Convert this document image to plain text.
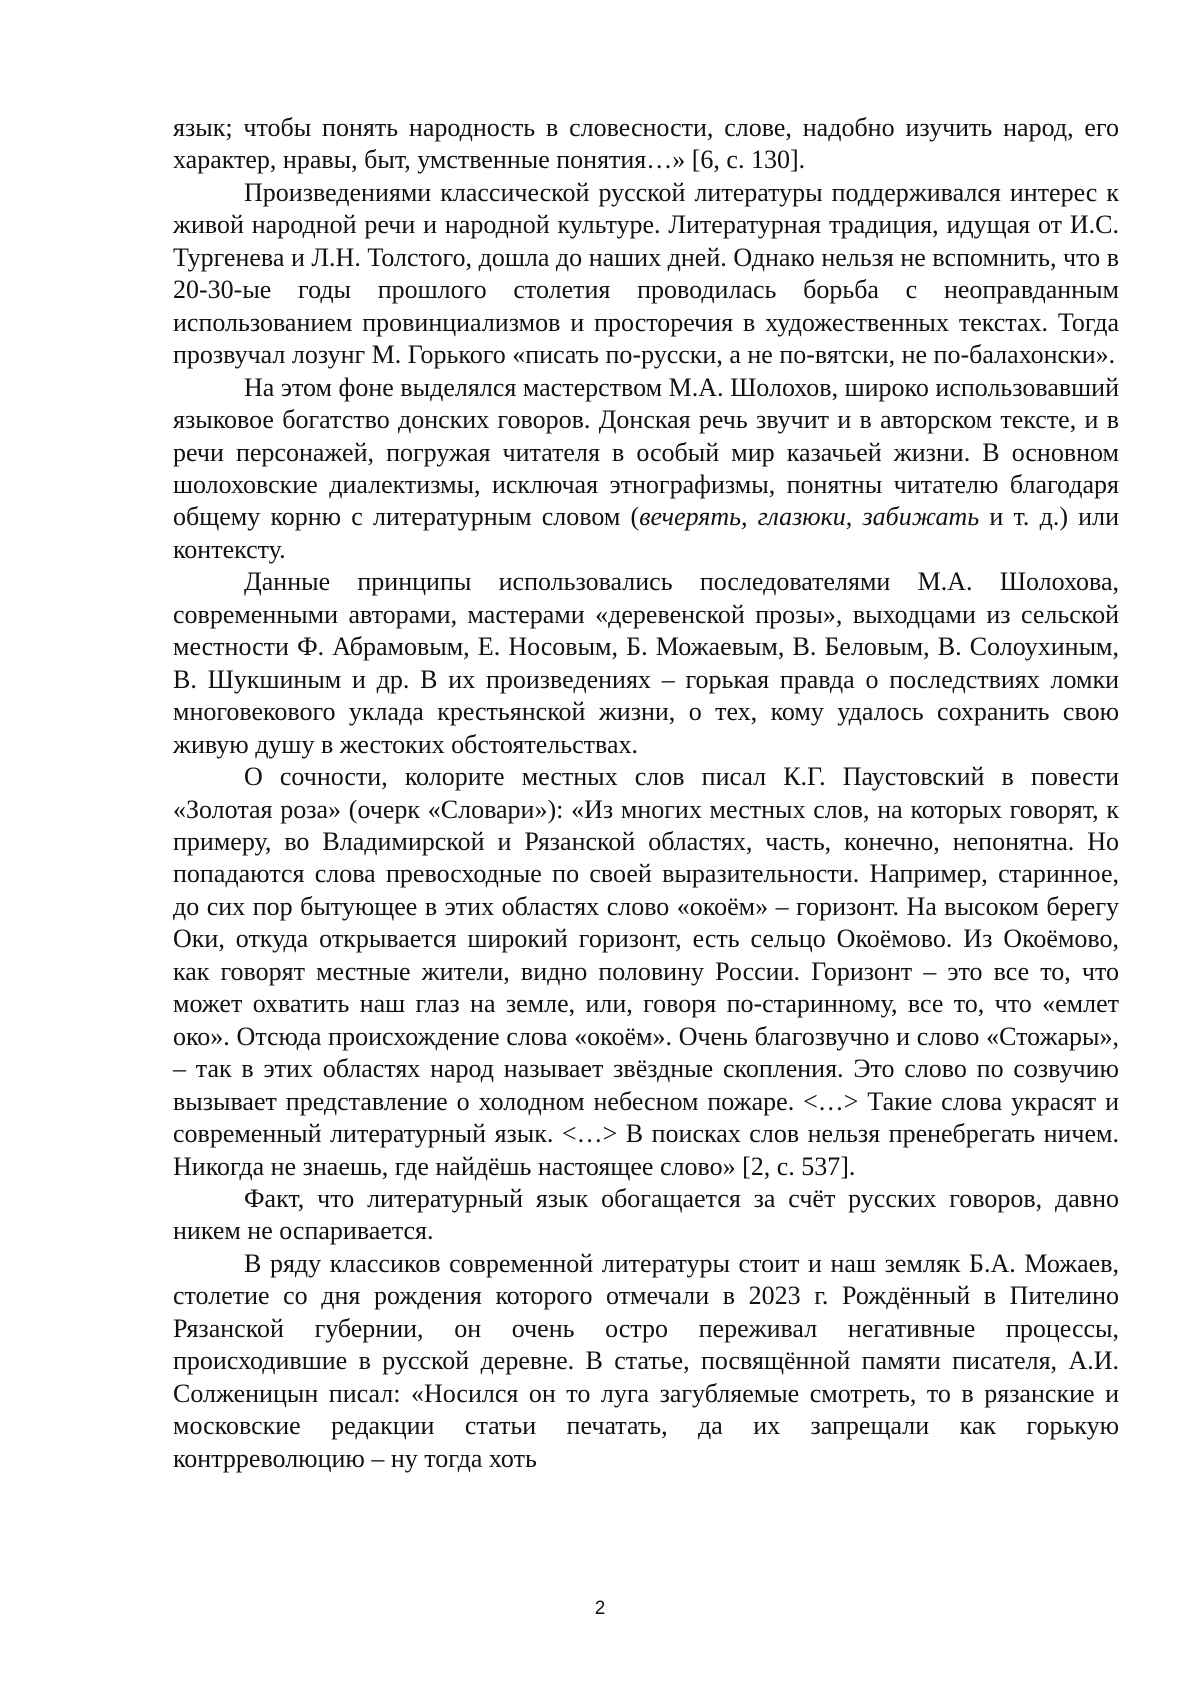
язык; чтобы понять народность в словесности, слове, надобно изучить народ, его характер, нравы, быт, умственные понятия…» [6, с. 130].

Произведениями классической русской литературы поддерживался интерес к живой народной речи и народной культуре. Литературная традиция, идущая от И.С. Тургенева и Л.Н. Толстого, дошла до наших дней. Однако нельзя не вспомнить, что в 20-30-ые годы прошлого столетия проводилась борьба с неоправданным использованием провинциализмов и просторечия в художественных текстах. Тогда прозвучал лозунг М. Горького «писать по-русски, а не по-вятски, не по-балахонски».

На этом фоне выделялся мастерством М.А. Шолохов, широко использовавший языковое богатство донских говоров. Донская речь звучит и в авторском тексте, и в речи персонажей, погружая читателя в особый мир казачьей жизни. В основном шолоховские диалектизмы, исключая этнографизмы, понятны читателю благодаря общему корню с литературным словом (вечерять, глазюки, забижать и т. д.) или контексту.

Данные принципы использовались последователями М.А. Шолохова, современными авторами, мастерами «деревенской прозы», выходцами из сельской местности Ф. Абрамовым, Е. Носовым, Б. Можаевым, В. Беловым, В. Солоухиным, В. Шукшиным и др. В их произведениях – горькая правда о последствиях ломки многовекового уклада крестьянской жизни, о тех, кому удалось сохранить свою живую душу в жестоких обстоятельствах.

О сочности, колорите местных слов писал К.Г. Паустовский в повести «Золотая роза» (очерк «Словари»): «Из многих местных слов, на которых говорят, к примеру, во Владимирской и Рязанской областях, часть, конечно, непонятна. Но попадаются слова превосходные по своей выразительности. Например, старинное, до сих пор бытующее в этих областях слово «окоём» – горизонт. На высоком берегу Оки, откуда открывается широкий горизонт, есть сельцо Окоёмово. Из Окоёмово, как говорят местные жители, видно половину России. Горизонт – это все то, что может охватить наш глаз на земле, или, говоря по-старинному, все то, что «емлет око». Отсюда происхождение слова «окоём». Очень благозвучно и слово «Стожары», – так в этих областях народ называет звёздные скопления. Это слово по созвучию вызывает представление о холодном небесном пожаре. <…> Такие слова украсят и современный литературный язык. <…> В поисках слов нельзя пренебрегать ничем. Никогда не знаешь, где найдёшь настоящее слово» [2, с. 537].

Факт, что литературный язык обогащается за счёт русских говоров, давно никем не оспаривается.

В ряду классиков современной литературы стоит и наш земляк Б.А. Можаев, столетие со дня рождения которого отмечали в 2023 г. Рождённый в Пителино Рязанской губернии, он очень остро переживал негативные процессы, происходившие в русской деревне. В статье, посвящённой памяти писателя, А.И. Солженицын писал: «Носился он то луга загубляемые смотреть, то в рязанские и московские редакции статьи печатать, да их запрещали как горькую контрреволюцию – ну тогда хоть

2
